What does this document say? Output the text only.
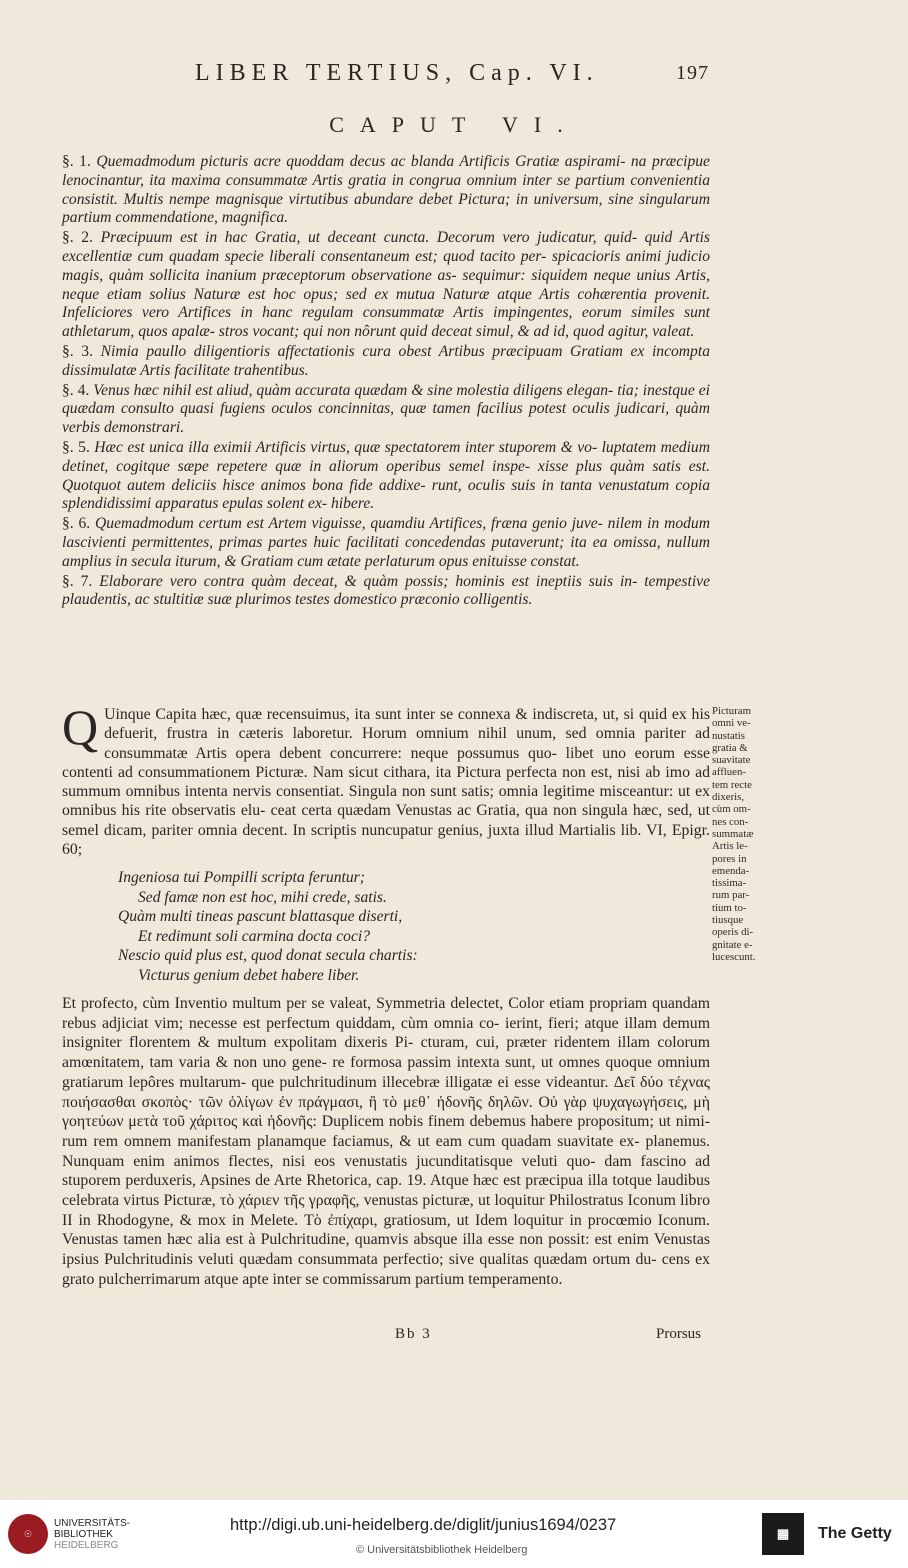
LIBER TERTIUS, Cap. VI.	197
CAPUT VI.

§. 1. Quemadmodum picturis acre quoddam decus ac blanda Artificis Gratiæ aspirami- na præcipue lenocinantur, ita maxima consummatæ Artis gratia in congrua omnium inter se partium convenientia consistit. Multis nempe magnisque virtutibus abundare debet Pictura; in universum, sine singularum partium commendatione, magnifica.

§. 2. Præcipuum est in hac Gratia, ut deceant cuncta. Decorum vero judicatur, quid- quid Artis excellentiæ cum quadam specie liberali consentaneum est; quod tacito per- spicacioris animi judicio magis, quàm sollicita inanium præceptorum observatione as- sequimur: siquidem neque unius Artis, neque etiam solius Naturæ est hoc opus; sed ex mutua Naturæ atque Artis cohærentia provenit. Infeliciores vero Artifices in hanc regulam consummatæ Artis impingentes, eorum similes sunt athletarum, quos apalæ- stros vocant; qui non nôrunt quid deceat simul, & ad id, quod agitur, valeat.

§. 3. Nimia paullo diligentioris affectationis cura obest Artibus præcipuam Gratiam ex incompta dissimulatæ Artis facilitate trahentibus.

§. 4. Venus hæc nihil est aliud, quàm accurata quædam & sine molestia diligens elegan- tia; inestque ei quædam consulto quasi fugiens oculos concinnitas, quæ tamen facilius potest oculis judicari, quàm verbis demonstrari.

§. 5. Hæc est unica illa eximii Artificis virtus, quæ spectatorem inter stuporem & vo- luptatem medium detinet, cogitque sæpe repetere quæ in aliorum operibus semel inspe- xisse plus quàm satis est. Quotquot autem deliciis hisce animos bona fide addixe- runt, oculis suis in tanta venustatum copia splendidissimi apparatus epulas solent ex- hibere.

§. 6. Quemadmodum certum est Artem viguisse, quamdiu Artifices, fræna genio juve- nilem in modum lascivienti permittentes, primas partes huic facilitati concedendas putaverunt; ita ea omissa, nullum amplius in secula iturum, & Gratiam cum ætate perlaturum opus enituisse constat.

§. 7. Elaborare vero contra quàm deceat, & quàm possis; hominis est ineptiis suis in- tempestive plaudentis, ac stultitiæ suæ plurimos testes domestico præconio colligentis.

Q Uinque Capita hæc, quæ recensuimus, ita sunt inter se connexa & indiscreta, ut, si quid ex his defuerit, frustra in cæteris laboretur. Horum omnium nihil unum, sed omnia pariter ad consummatæ Artis opera debent concurrere: neque possumus quo- libet uno eorum esse contenti ad consummationem Picturæ. Nam sicut cithara, ita Pictura perfecta non est, nisi ab imo ad summum omnibus intenta nervis consentiat. Singula non sunt satis; omnia legitime misceantur: ut ex omnibus his rite observatis elu- ceat certa quædam Venustas ac Gratia, qua non singula hæc, sed, ut semel dicam, pariter omnia decent. In scriptis nuncupatur genius, juxta illud Martialis lib. VI, Epigr. 60;
Ingeniosa tui Pompilli scripta feruntur;
Sed famæ non est hoc, mihi crede, satis.
Quàm multi tineas pascunt blattasque diserti,
Et redimunt soli carmina docta coci?
Nescio quid plus est, quod donat secula chartis:
Victurus genium debet habere liber.
Et profecto, cùm Inventio multum per se valeat, Symmetria delectet, Color etiam propriam quandam rebus adjiciat vim; necesse est perfectum quiddam, cùm omnia co- ierint, fieri; atque illam demum insigniter florentem & multum expolitam dixeris Pi- cturam, cui, præter ridentem illam colorum amœnitatem, tam varia & non uno gene- re formosa passim intexta sunt, ut omnes quoque omnium gratiarum lepôres multarum- que pulchritudinum illecebræ illigatæ ei esse videantur. Δεῖ δύο τέχνας ποιήσασθαι σκοπὸς· τῶν ὁλίγων ἐν πράγμασι, ἢ τὸ μεθ᾽ ἡδονῆς δηλῶν. Οὐ γὰρ ψυχαγωγήσεις, μὴ γοητεύων μετὰ τοῦ χάριτος καὶ ἡδονῆς: Duplicem nobis finem debemus habere propositum; ut nimi- rum rem omnem manifestam planamque faciamus, & ut eam cum quadam suavitate ex- planemus. Nunquam enim animos flectes, nisi eos venustatis jucunditatisque veluti quo- dam fascino ad stuporem perduxeris, Apsines de Arte Rhetorica, cap. 19. Atque hæc est præcipua illa totque laudibus celebrata virtus Picturæ, τὸ χάριεν τῆς γραφῆς, venustas picturæ, ut loquitur Philostratus Iconum libro II in Rhodogyne, & mox in Melete. Τὸ ἐπίχαρι, gratiosum, ut Idem loquitur in procœmio Iconum. Venustas tamen hæc alia est à Pulchritudine, quamvis absque illa esse non possit: est enim Venustas ipsius Pulchritudinis veluti quædam consummata perfectio; sive qualitas quædam ortum du- cens ex grato pulcherrimarum atque apte inter se commissarum partium temperamento.
Picturam
omni ve-
nustatis
gratia &
suavitate
affluen-
tem recte
dixeris,
cùm om-
nes con-
summatæ
Artis le-
pores in
emenda-
tissima-
rum par-
tium to-
tiusque
operis di-
gnitate e-
lucescunt.
Bb 3	Prorsus
☉
UNIVERSITÄTS-
BIBLIOTHEK
HEIDELBERG
http://digi.ub.uni-heidelberg.de/diglit/junius1694/0237
© Universitätsbibliothek Heidelberg
▦	The Getty
